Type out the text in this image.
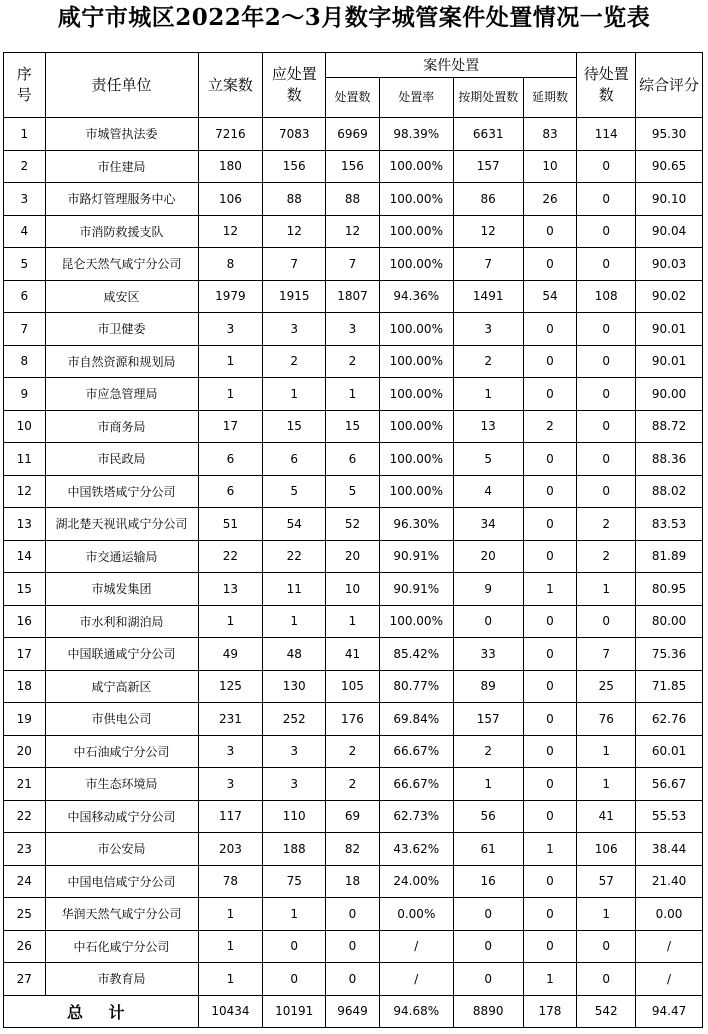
咸宁市城区2022年2～3月数字城管案件处置情况一览表
序号	责任单位	立案数	应处置数	案件处置				待处置数	综合评分
				处置数	处置率	按期处置数	延期数		
1	市城管执法委	7216	7083	6969	98.39%	6631	83	114	95.30
2	市住建局	180	156	156	100.00%	157	10	0	90.65
3	市路灯管理服务中心	106	88	88	100.00%	86	26	0	90.10
4	市消防救援支队	12	12	12	100.00%	12	0	0	90.04
5	昆仑天然气咸宁分公司	8	7	7	100.00%	7	0	0	90.03
6	咸安区	1979	1915	1807	94.36%	1491	54	108	90.02
7	市卫健委	3	3	3	100.00%	3	0	0	90.01
8	市自然资源和规划局	1	2	2	100.00%	2	0	0	90.01
9	市应急管理局	1	1	1	100.00%	1	0	0	90.00
10	市商务局	17	15	15	100.00%	13	2	0	88.72
11	市民政局	6	6	6	100.00%	5	0	0	88.36
12	中国铁塔咸宁分公司	6	5	5	100.00%	4	0	0	88.02
13	湖北楚天视讯咸宁分公司	51	54	52	96.30%	34	0	2	83.53
14	市交通运输局	22	22	20	90.91%	20	0	2	81.89
15	市城发集团	13	11	10	90.91%	9	1	1	80.95
16	市水利和湖泊局	1	1	1	100.00%	0	0	0	80.00
17	中国联通咸宁分公司	49	48	41	85.42%	33	0	7	75.36
18	咸宁高新区	125	130	105	80.77%	89	0	25	71.85
19	市供电公司	231	252	176	69.84%	157	0	76	62.76
20	中石油咸宁分公司	3	3	2	66.67%	2	0	1	60.01
21	市生态环境局	3	3	2	66.67%	1	0	1	56.67
22	中国移动咸宁分公司	117	110	69	62.73%	56	0	41	55.53
23	市公安局	203	188	82	43.62%	61	1	106	38.44
24	中国电信咸宁分公司	78	75	18	24.00%	16	0	57	21.40
25	华润天然气咸宁分公司	1	1	0	0.00%	0	0	1	0.00
26	中石化咸宁分公司	1	0	0	/	0	0	0	/
27	市教育局	1	0	0	/	0	1	0	/
总 计		10434	10191	9649	94.68%	8890	178	542	94.47
